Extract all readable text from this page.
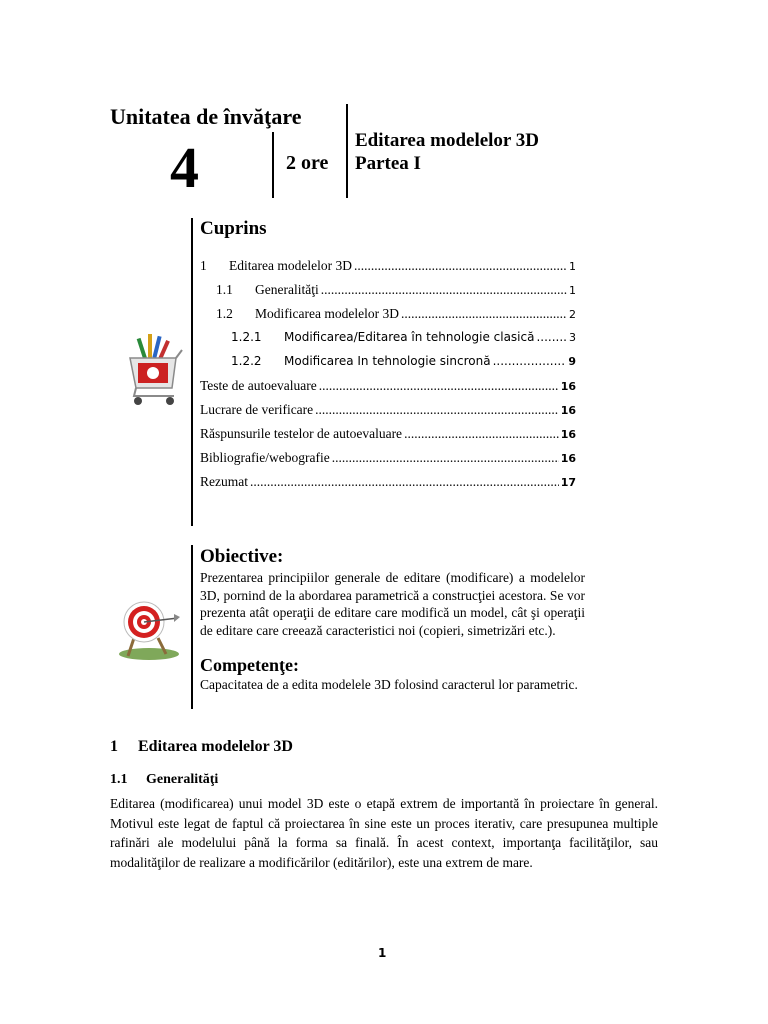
Unitatea de învăţare
4	2 ore
Editarea modelelor 3D
Partea I
Cuprins
1	Editarea modelelor 3D .....	1
1.1	Generalităţi .....	1
1.2	Modificarea modelelor 3D .....	2
1.2.1	Modificarea/Editarea în tehnologie clasică .....	3
1.2.2	Modificarea In tehnologie sincronă .....	9
Teste de autoevaluare .....	16
Lucrare de verificare .....	16
Răspunsurile testelor de autoevaluare .....	16
Bibliografie/webografie .....	16
Rezumat .....	17
Obiective:
Prezentarea principiilor generale de editare (modificare) a modelelor 3D, pornind de la abordarea parametrică a construcţiei acestora. Se vor prezenta atât operaţii de editare care modifică un model, cât şi operaţii de editare care creează caracteristici noi (copieri, simetrizări etc.).
Competenţe:
Capacitatea de a edita modelele 3D folosind caracterul lor parametric.
1 Editarea modelelor 3D
1.1 Generalităţi
Editarea (modificarea) unui model 3D este o etapă extrem de importantă în proiectare în general. Motivul este legat de faptul că proiectarea în sine este un proces iterativ, care presupunea multiple rafinări ale modelului până la forma sa finală. În acest context, importanţa facilităţilor, sau modalităţilor de realizare a modificărilor (editărilor), este una extrem de mare.
1
